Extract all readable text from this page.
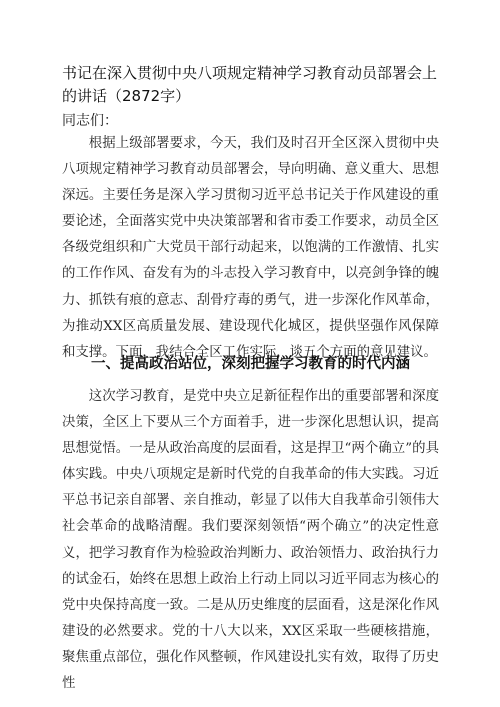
书记在深入贯彻中央八项规定精神学习教育动员部署会上的讲话（2872字）
同志们：

根据上级部署要求，今天，我们及时召开全区深入贯彻中央八项规定精神学习教育动员部署会，导向明确、意义重大、思想深远。主要任务是深入学习贯彻习近平总书记关于作风建设的重要论述，全面落实党中央决策部署和省市委工作要求，动员全区各级党组织和广大党员干部行动起来，以饱满的工作激情、扎实的工作作风、奋发有为的斗志投入学习教育中，以亮剑争锋的魄力、抓铁有痕的意志、刮骨疗毒的勇气，进一步深化作风革命，为推动XX区高质量发展、建设现代化城区，提供坚强作风保障和支撑。下面，我结合全区工作实际，谈五个方面的意见建议。

一、提高政治站位，深刻把握学习教育的时代内涵

这次学习教育，是党中央立足新征程作出的重要部署和深度决策，全区上下要从三个方面着手，进一步深化思想认识，提高思想觉悟。一是从政治高度的层面看，这是捍卫“两个确立”的具体实践。中央八项规定是新时代党的自我革命的伟大实践。习近平总书记亲自部署、亲自推动，彰显了以伟大自我革命引领伟大社会革命的战略清醒。我们要深刻领悟“两个确立”的决定性意义，把学习教育作为检验政治判断力、政治领悟力、政治执行力的试金石，始终在思想上政治上行动上同以习近平同志为核心的党中央保持高度一致。二是从历史维度的层面看，这是深化作风建设的必然要求。党的十八大以来，XX区采取一些硬核措施，聚焦重点部位，强化作风整顿，作风建设扎实有效，取得了历史性
